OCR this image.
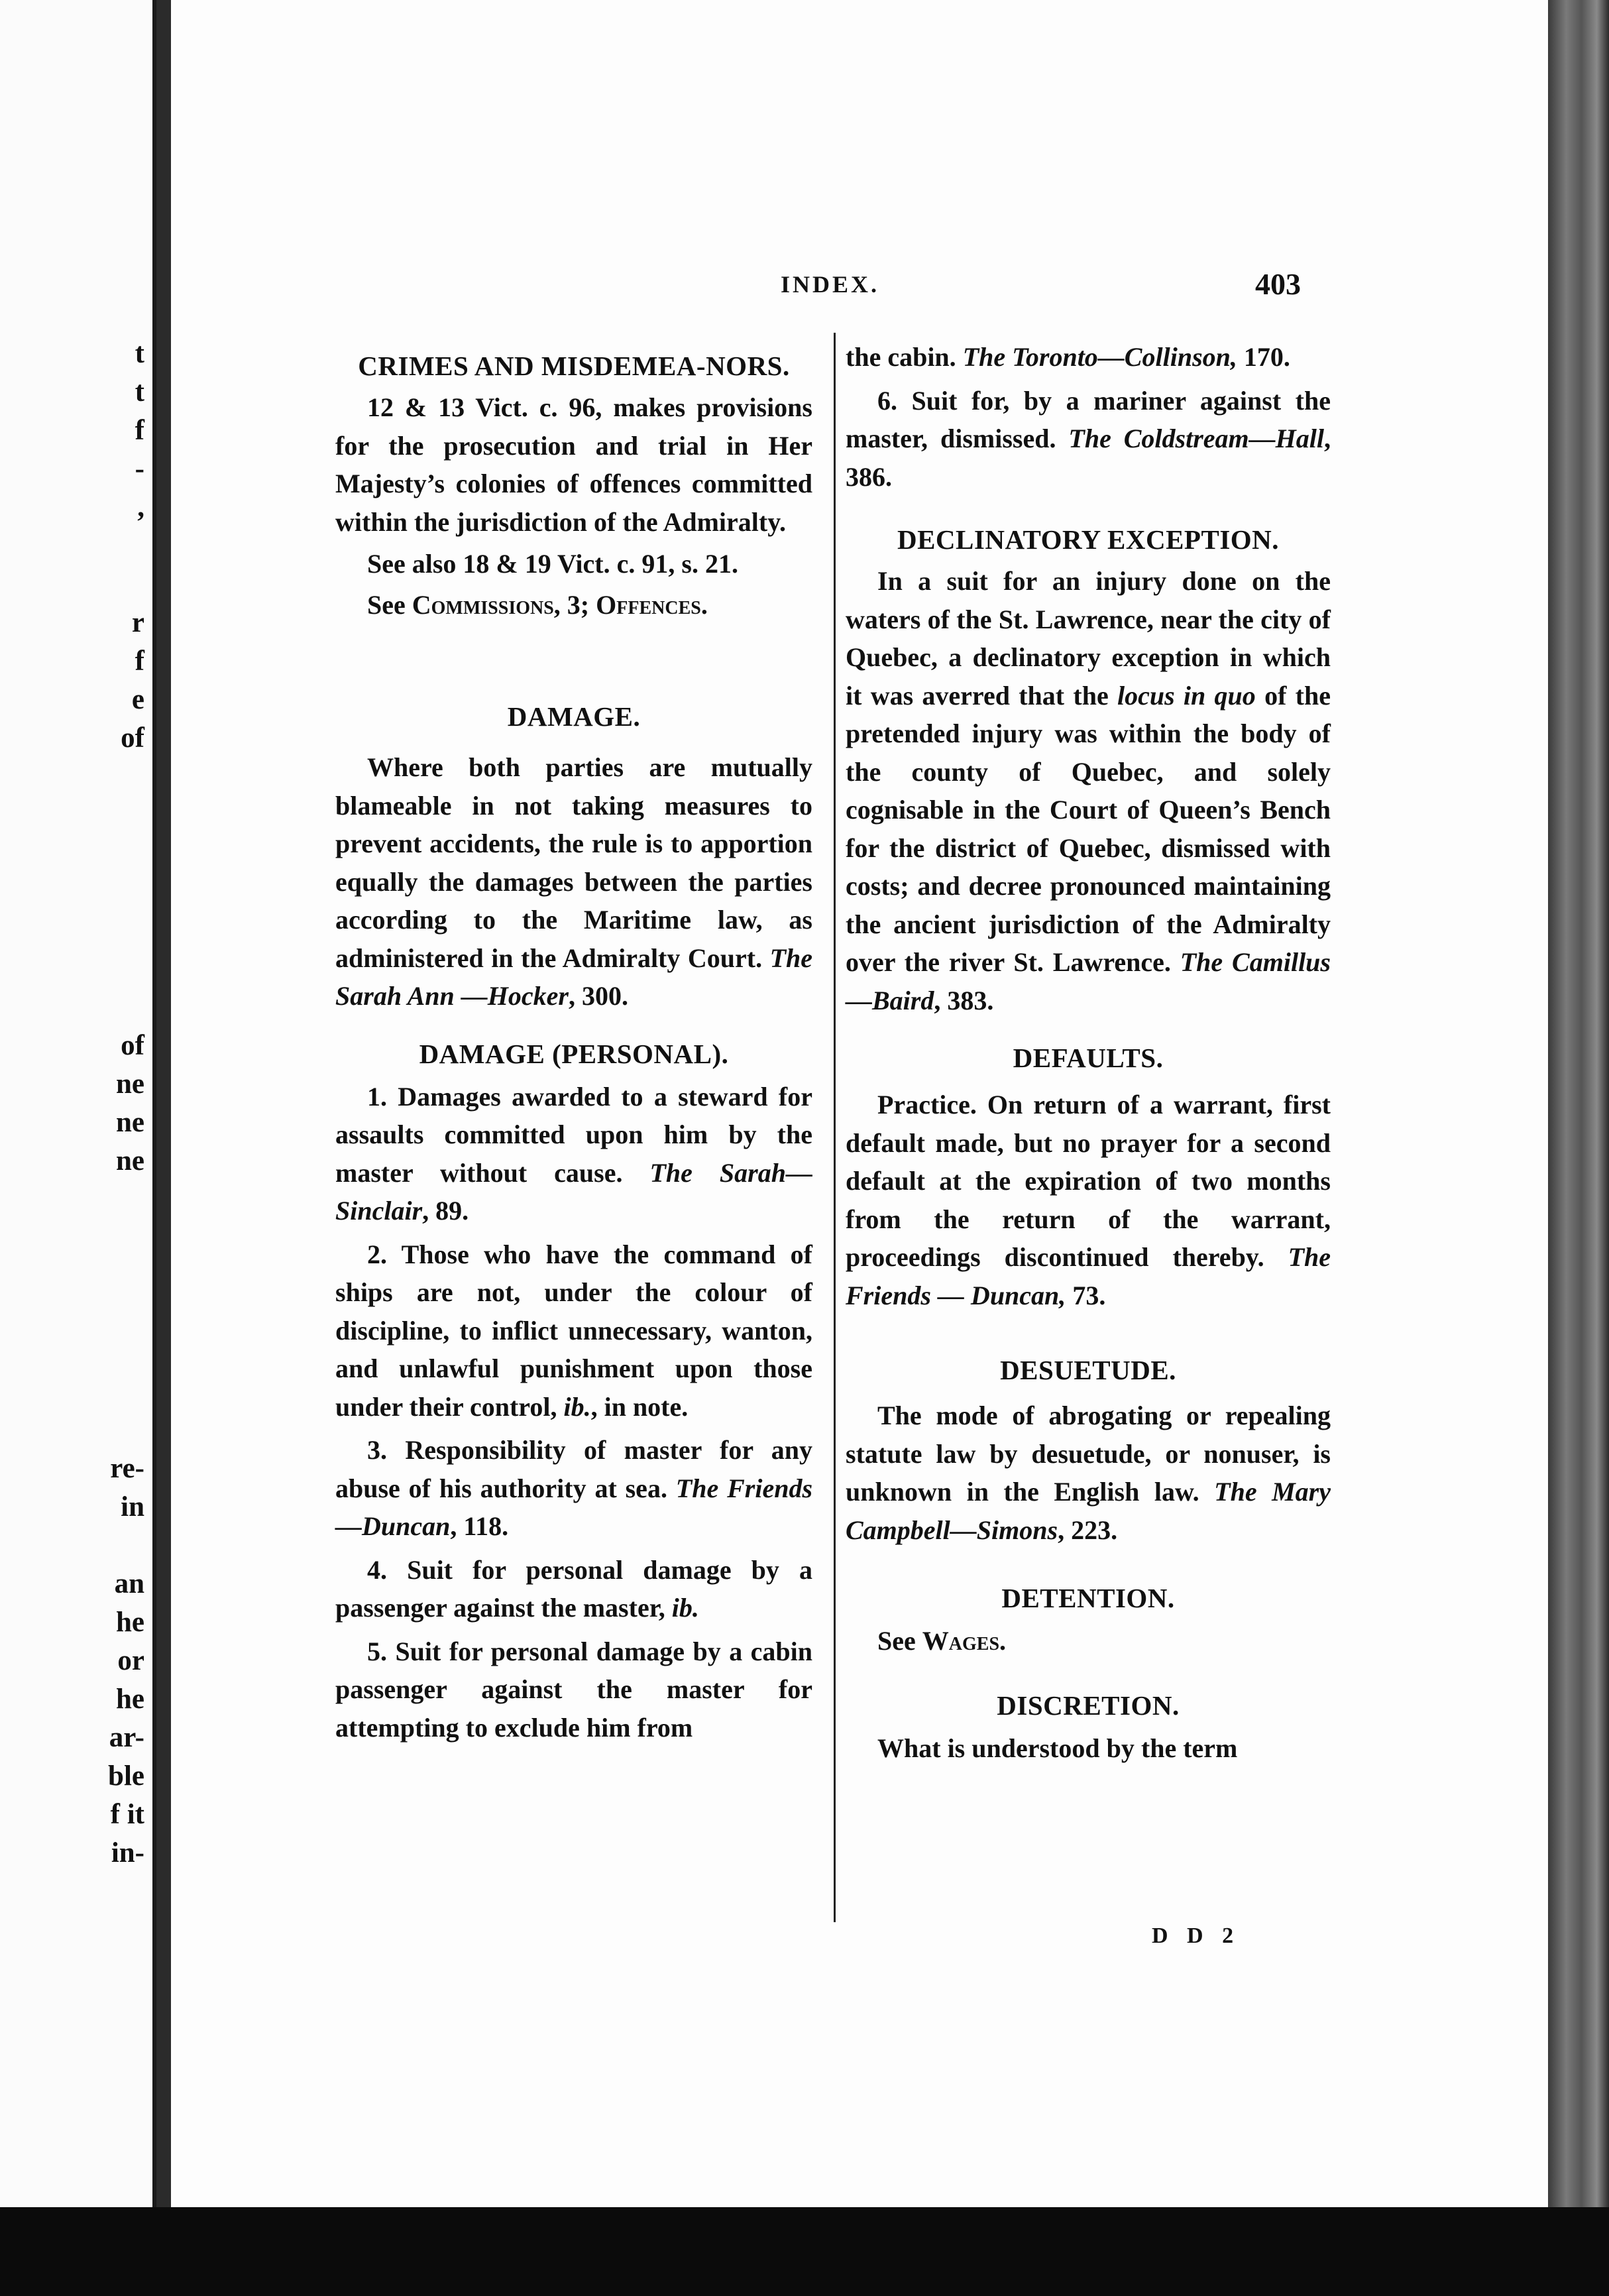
t
t
f
-
,
r
f
e
of
of
ne
ne
ne
re-
in
an
he
or
he
ar-
ble
f it
in-
INDEX.	403
CRIMES AND MISDEMEA-NORS.

12 & 13 Vict. c. 96, makes provisions for the prosecution and trial in Her Majesty’s colonies of offences committed within the jurisdiction of the Admiralty.

See also 18 & 19 Vict. c. 91, s. 21.

See Commissions, 3; Offences.

DAMAGE.

Where both parties are mutually blameable in not taking measures to prevent accidents, the rule is to apportion equally the damages between the parties according to the Maritime law, as administered in the Admiralty Court. The Sarah Ann —Hocker, 300.

DAMAGE (PERSONAL).

1. Damages awarded to a steward for assaults committed upon him by the master without cause. The Sarah—Sinclair, 89.

2. Those who have the command of ships are not, under the colour of discipline, to inflict unnecessary, wanton, and unlawful punishment upon those under their control, ib., in note.

3. Responsibility of master for any abuse of his authority at sea. The Friends—Duncan, 118.

4. Suit for personal damage by a passenger against the master, ib.

5. Suit for personal damage by a cabin passenger against the master for attempting to exclude him from

the cabin. The Toronto—Collinson, 170.

6. Suit for, by a mariner against the master, dismissed. The Coldstream—Hall, 386.

DECLINATORY EXCEPTION.

In a suit for an injury done on the waters of the St. Lawrence, near the city of Quebec, a declinatory exception in which it was averred that the locus in quo of the pretended injury was within the body of the county of Quebec, and solely cognisable in the Court of Queen’s Bench for the district of Quebec, dismissed with costs; and decree pronounced maintaining the ancient jurisdiction of the Admiralty over the river St. Lawrence. The Camillus—Baird, 383.

DEFAULTS.

Practice. On return of a warrant, first default made, but no prayer for a second default at the expiration of two months from the return of the warrant, proceedings discontinued thereby. The Friends — Duncan, 73.

DESUETUDE.

The mode of abrogating or repealing statute law by desuetude, or nonuser, is unknown in the English law. The Mary Campbell—Simons, 223.

DETENTION.

See Wages.

DISCRETION.

What is understood by the term

D D 2
